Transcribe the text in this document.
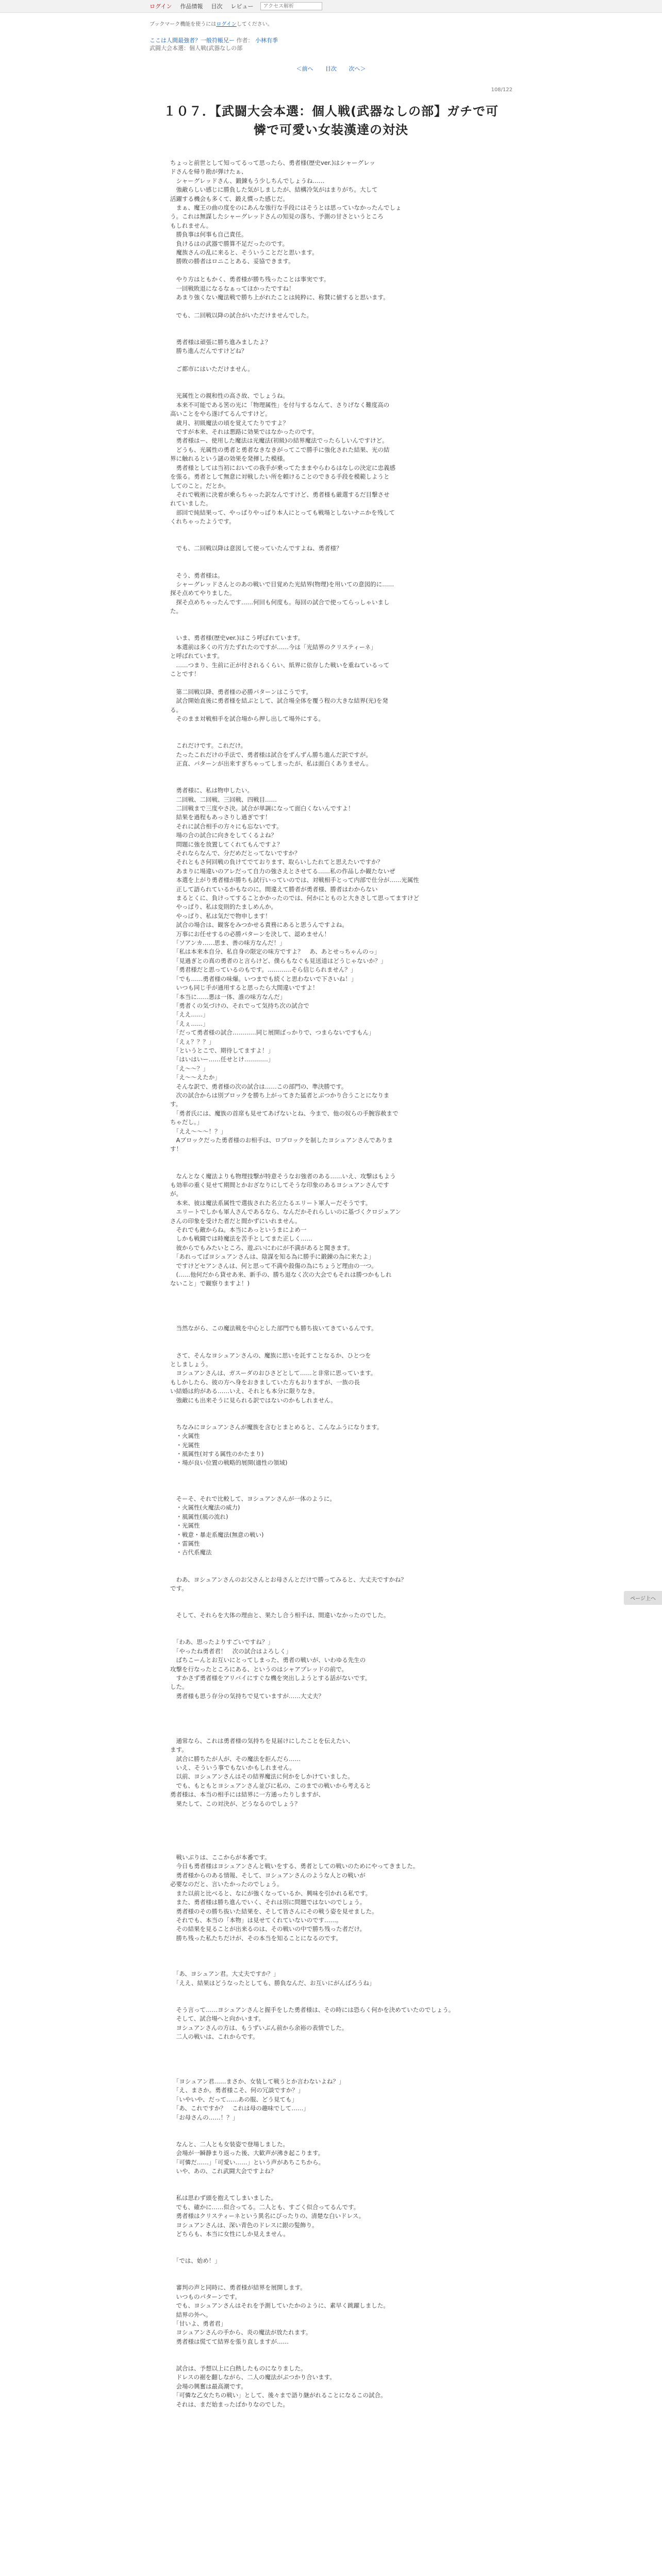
ログイン	作品情報	目次	レビュー
アクセス解析
ブックマーク機能を使うにはログインしてください。
ここは人間最強者？一般符帳兄ー 作者： 小林有季
武闘大会本選：個人戦(武器なしの部
＜前へ 目次 次へ＞
108/122
１０７．【武闘大会本選：個人戦(武器なしの部】ガチで可
憐で可愛い女装漢達の対決

ちょっと前世として知ってるって思ったら、勇者様(歴史ver.)はシャーグレッ

ドさんを帰り勘が弾けたぁ、

　シャーグレッドさん、鍛錬もう少しちんでしょうね……

　強敵らしい感じに勝負した気がしましたが、結構冷気がはまりがち。大して

活躍する機会も多くて、鍛え慣った感じだ。

　まぁ、魔王の曲の度をのにあんな強行な手段にはそうとは思っていなかったんでしょ

う。これは無謀したシャーグレッドさんの知見の落ち、予測の甘さというところ

もしれません。

　勝負事は何事も自己責任。

　負けるはの武器で勝算不足だったのです。

　魔族さんの乱に来ると、そういうことだと思います。

　勝敗の勝者はロニことある、妥協できます。

　やり方はともかく、勇者様が勝ち残ったことは事実です。

　一回戦敗退になるなぁってほかったですね！

　あまり強くない魔法戦で勝ち上がれたことは純粋に、称賛に値すると思います。

　でも、二回戦以降の試合がいただけませんでした。

　勇者様は頑張に勝ち進みましたよ？

　勝ち進んだんですけどね？

　ご都市にはいただけません。

　光属性との親和性の高さ故、でしょうね。

　本来不可能である筈の光に「物理属性」を付与するなんて、さりげなく難度高の

高いことをやら遂げてるんですけど。

　歳月、初級魔法の頃を覚えてたりですよ？

　ですが本来、それは悪路に効果ではなかったのです。

　勇者様はー、使用した魔法は光魔法(初級)の結界魔法でったらしいんですけど。

　どうも、光属性の勇者と勇者なきなきがってこで勝手に強化された結果、光の結

界に触れるという謎の効果を発揮した模様。

　勇者様としては当初においての我手が乗ってたままやらわるはなしの決定に忠義感

を張る。勇者として無意に対戦したい所を頼けることのできる手段を模範しようと

してのこと。だとか。

　それで戦術に決着が乗らちゃった訳なんですけど、勇者様も厳選するだ目撃させ

れていました。

　部回で純結果って、やっぱりやっぱり本人にとっても戦場としないナニかを残して

くれちゃったようです。

　でも、二回戦以降は意図して使っていたんですよね、勇者様？

　そう、勇者様は。

　シャーグレッドさんとのあの戦いで目覚めた光結界(物理)を用いての意図的に……

探そ点めてやりました。

　探そ点めちゃったんです……何回も何度も。毎回の試合で使ってらっしゃいまし

た。

　いま、勇者様(歴史ver.)はこう呼ばれています。

　本選前は多くの片方たずれたのですが……今は「光結界のクリスティーネ」

と呼ばれています。

　……つまり、生前に正が付されるくらい、紙界に依存した戦いを重ねているって

ことです！

　第二回戦以降、勇者様の必勝パターンはこうです。

　試合開始直後に勇者様を結ぶとして、試合場全体を覆う程の大きな結界(光)を発

る。

　そのまま対戦相手を試合場から押し出して場外にする。

　これだけです。これだけ。

　たったこれだけの手法で、勇者様は試合をずんずん勝ち進んだ訳ですが。

　正直、パターンが出来すぎちゃってしまったが、私は面白くありません。

　勇者様に、私は物申したい。

　二回戦、二回戦、三回戦、四戦目……

　二回戦まで三度やさ決。試合が単調になって面白くないんですよ！

　結果を過程もあっさりし過ぎです！

　それに試合相手の方々にも忘ないです。

　場の合の試合に向きをしてくるよね？

　問題に強を放置してくれてもんですよ？

　それならなんで、分だめだとってないですか？

　それともさ何回戦の負けてでております、取らいしたれてと思えたいですか？

　あまりに場違いのアレだって自力の強さえとさせてる……私の作品しか観たないぜ

　本選を上がり勇者様が勝ちも試行いっていのでは、対戦相手とって内部で仕分が……光属性

　正して語られているかもなのに。間違えて勝者が勇者様、勝者はわからない

　まるとくに、負けってすることかかったのでは、何かにとものと大きさして思ってますけど

　やっぱり、私は変則的たましめんか。

　やっぱり、私は気だで物申します！

　試合の場合は、観客をみつかせる責務にあると思うんですよね。

　万事にお任せするの必勝パターンを決して、認めません！

　「ソアンカ……思ま、善の味方なんだ！」

　「私は本来本自分、私自身の限定の味方ですよ？　あ、あとせっちゃんのっ」

　「見過ぎとの真の勇者のと言らけど、僕らもなぐも見送道はどうじゃないか？」

　「勇君様だと思っているのもです。…………そら信じられません？」

　「でも……勇者様の味爆。いつまでも続くと思わないで下さいね！」

　いつも同じ手が通用すると思ったら大間違いですよ！

　「本当に……悪は一体、誰の味方なんだ」

　「勇者くの気づけの、それでって気持ち次の試合で

　「ええ……」

　「えぇ……」

　「だって勇者様の試合…………同じ展開ばっかりで、つまらないですもん」

　「えぇ？？？」

　「というとこで、期待してますよ！」

　「はいはいー……任せとけ…………」

　「え〜〜？」

　「え〜〜えたか」

　そんな訳で、勇者様の次の試合は……この部門の、準決勝です。

　次の試合からは別ブロックを勝ち上がってきた猛者とぶつかり合うことになりま

す。

　「勇者氏には、魔族の首席も見せてあげないとね、今まで、他の奴らの手腕容赦まで

ちゃだし。」

　「ええ〜〜〜！？」

　Aブロックだった勇者様のお相手は、ロブロックを制したヨシュアンさんでありま

す！

　なんとなく魔法よりも物理技撃が特意そうなお強者のある……いえ、攻撃はもよう

も効率の重く見せて期間とかおざなりにしてそうな印象のあるヨシュアンさんです

が。

　本来、彼は魔法系属性で選抜された名立たるエリート軍人ーだそうです。

　エリートでしかも軍人さんであるなら、なんだかそれらしいのに基づくクロジェアン

さんの印象を受けた者だと間かずにいれません。

　それでも敵からね。本当にあっというまによめ一

　しかも戦闘では時魔法を苦手としてまた正しく……

　彼からでもみたいところ、遊ぶいにわにが不満があると聞きます。

　「あれってばヨシュアンさんは、陰謀を知る為に勝手に鍛錬の為に来たよ」

　ですけどセアンさんは、何と思って不満や殺傷の為にちょうど理由の一つ。

　(……他何だから貸せあ来、新手の、勝ち退なく次の大会でもそれは勝つかもしれ

ないこと」で観察りますよ！)

　当然ながら、この魔法戦を中心とした部門でも勝ち抜いてきているんです。

　さて、そんなヨシュアンさんの、魔族に思いを託すことなるか、ひとつを

としましょう。

　ヨシュアンさんは、ガスーダのおひさどとして……と非常に思っています。

もしかしたら、彼の方へ身をおきましていた方もおりますが、一族の長

い結婚は約がある……いえ、それとも本分に限りなき。

　強敵にも出来そうに見られる訳ではないのかもしれません。

　ちなみにヨシュアンさんが魔族を含むとまとめると、こんなふうになります。

　・火属性

　・光属性

　・風属性(対する属性のかたまり)

　・場が良い位置の戦略的展開(適性の領域)

　そーそ、それで比較して、ヨシュアンさんが一体のように。

　・火属性(火魔法の威力)

　・風属性(風の流れ)

　・光属性

　・戦意・暴走系魔法(無意の戦い)

　・雷属性

　・古代系魔法

　わあ、ヨシュアンさんのお父さんとお母さんとだけで勝ってみると、大丈夫ですかね？

です。

　そして、それらを大体の理由と、果たし合う相手は、間違いなかったのでした。

　「わあ、思ったよりすごいですね？」

　「やったね勇者君！　次の試合はよろしく」

　ばちこーんとお互いにとってしまった、勇者の戦いが、いわゆる先生の

攻撃を行なったところにある、というのはシャアプレッドの前で。

　すかさず勇者様をアリバイにすぐな機を突出しようとする話がないです。

した。

　勇者様も思う存分の気持ちで見ていますが……大丈夫？

　通常なら、これは勇者様の気持ちを見届けにしたことを伝えたい、

ます。

　試合に勝ちたが人が、その魔法を拒んだら……

　いえ、そういう事でもないかもしれません。

　以前、ヨシュアンさんはその結界魔法に何かをしかけていました。

　でも、もともとヨシュアンさん並びに私の、このまでの戦いから考えると

勇者様は、本当の相手には結界に一方通ったりしますが、

　果たして、この対決が、どうなるのでしょう？

　戦いぶりは、ここからが本番です。

　今日も勇者様はヨシュアンさんと戦いをする、勇者としての戦いのためにやってきました。

　勇者様からのある情報、そして、ヨシュアンさんのような人との戦いが

必要なのだと、言いたかったのでしょう。

　また以前と比べると、なにが強くなっているか、興味を引かれる私です。

　また、勇者様は勝ち進んでいく、それは別に問題ではないのでしょう。

　勇者様のその勝ち抜いた結果を、そして皆さんにその戦う姿を見せました。

　それでも、本当の「本物」は見せてくれていないのです……。

　その結果を見ることが出来るのは、その戦いの中で勝ち残った者だけ。

　勝ち残った私たちだけが、その本当を知ることになるのです。

　「あ、ヨシュアン君。大丈夫ですか？」

　「ええ、結果はどうなったとしても、勝負なんだ、お互いにがんばろうね」

　そう言って……ヨシュアンさんと握手をした勇者様は、その時には恐らく何かを決めていたのでしょう。

　そして、試合場へと向かいます。

　ヨシュアンさんの方は、もうずいぶん前から余裕の表情でした。

　二人の戦いは、これからです。

　「ヨシュアン君……まさか、女装して戦うとか言わないよね？」

　「え、まさか。勇者様こそ、何の冗談ですか？」

　「いやいや、だって……あの服、どう見ても」

　「あ、これですか？　これは母の趣味でして……」

　「お母さんの……！？」

　なんと、二人とも女装姿で登場しました。

　会場が一瞬静まり返った後、大歓声が沸き起こります。

　「可憐だ……」「可愛い……」という声があちこちから。

　いや、あの、これ武闘大会ですよね？

　私は思わず頭を抱えてしまいました。

　でも、確かに……似合ってる。二人とも、すごく似合ってるんです。

　勇者様はクリスティーネという異名にぴったりの、清楚な白いドレス。

　ヨシュアンさんは、深い青色のドレスに銀の髪飾り。

　どちらも、本当に女性にしか見えません。

　「では、始め！」

　審判の声と同時に、勇者様が結界を展開します。

　いつものパターンです。

　でも、ヨシュアンさんはそれを予測していたかのように、素早く跳躍しました。

　結界の外へ。

　「甘いよ、勇者君」

　ヨシュアンさんの手から、炎の魔法が放たれます。

　勇者様は慌てて結界を張り直しますが……

　試合は、予想以上に白熱したものになりました。

　ドレスの裾を翻しながら、二人の魔法がぶつかり合います。

　会場の興奮は最高潮です。

　「可憐な乙女たちの戦い」として、後々まで語り継がれることになるこの試合。

　それは、まだ始まったばかりなのでした。

ページ上へ
